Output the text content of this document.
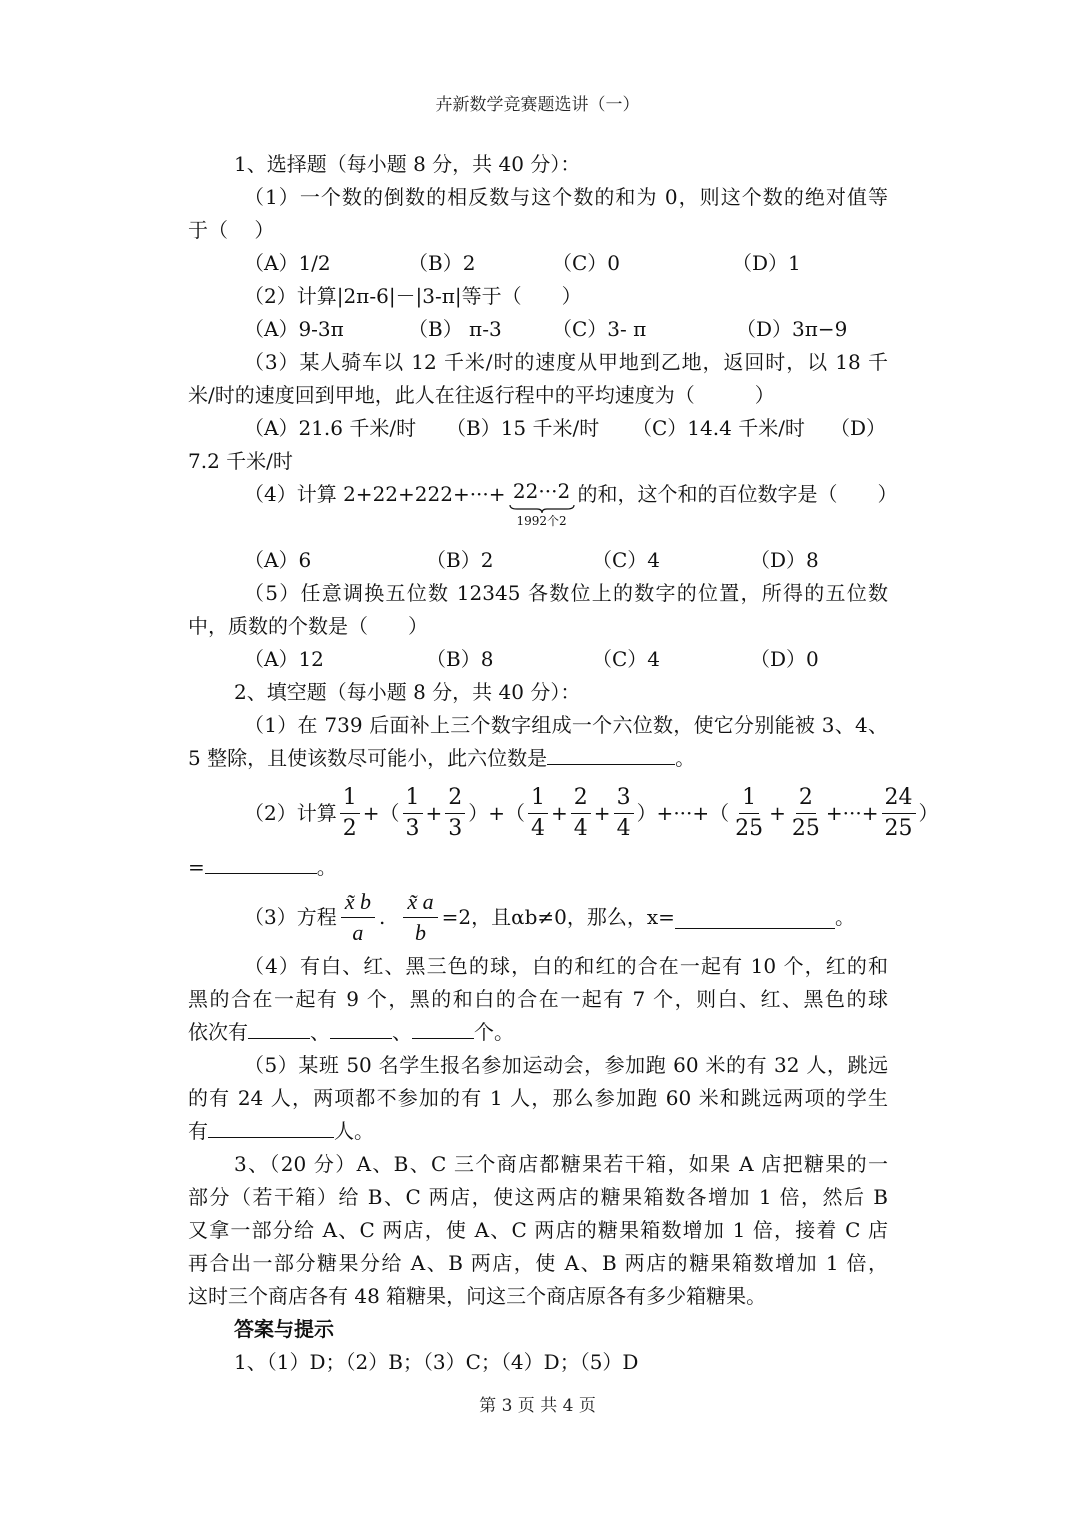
卉新数学竞赛题选讲（一）
1、选择题（每小题 8 分，共 40 分）：
（1）一个数的倒数的相反数与这个数的和为 0，则这个数的绝对值等
于（　 ）
（A）1/2	（B）2	（C）0	（D）1
（2）计算|2π-6|－|3-π|等于（　　）
（A）9-3π	（B） π-3	（C）3- π	（D）3π−9
（3）某人骑车以 12 千米/时的速度从甲地到乙地，返回时，以 18 千
米/时的速度回到甲地，此人在往返行程中的平均速度为（　　　）
（A）21.6 千米/时	（B）15 千米/时	（C）14.4 千米/时	（D）
7.2 千米/时
（4）计算 2+22+222+···+ 22···2
1992个2
的和，这个和的百位数字是（　　）
（A）6	（B）2	（C）4	（D）8
（5）任意调换五位数 12345 各数位上的数字的位置，所得的五位数
中，质数的个数是（　　）
（A）12	（B）8	（C）4	（D）0
2、填空题（每小题 8 分，共 40 分）：
（1）在 739 后面补上三个数字组成一个六位数，使它分别能被 3、4、
5 整除，且使该数尽可能小，此六位数是	。
（2）计算 $\frac{1}{2}$ +（ $\frac{1}{3} + \frac{2}{3}$ ）+（ $\frac{1}{4} + \frac{2}{4} + \frac{3}{4}$ ）+···+（ $\frac{1}{25} + \frac{2}{25}$ +···+ $\frac{24}{25}$ ）
=	。
（3）方程 $\frac{x̃ b}{a}$ . $\frac{x̃ a}{b} =2$，且αb≠0，那么，x=	。
（4）有白、红、黑三色的球，白的和红的合在一起有 10 个，红的和
黑的合在一起有 9 个，黑的和白的合在一起有 7 个，则白、红、黑色的球
依次有	、	、	个。
（5）某班 50 名学生报名参加运动会，参加跑 60 米的有 32 人，跳远
的有 24 人，两项都不参加的有 1 人，那么参加跑 60 米和跳远两项的学生
有	人。
3、（20 分）A、B、C 三个商店都糖果若干箱，如果 A 店把糖果的一
部分（若干箱）给 B、C 两店，使这两店的糖果箱数各增加 1 倍，然后 B
又拿一部分给 A、C 两店，使 A、C 两店的糖果箱数增加 1 倍，接着 C 店
再合出一部分糖果分给 A、B 两店，使 A、B 两店的糖果箱数增加 1 倍，
这时三个商店各有 48 箱糖果，问这三个商店原各有多少箱糖果。
答案与提示
1、（1）D；（2）B；（3）C；（4）D；（5）D
第 3 页 共 4 页
